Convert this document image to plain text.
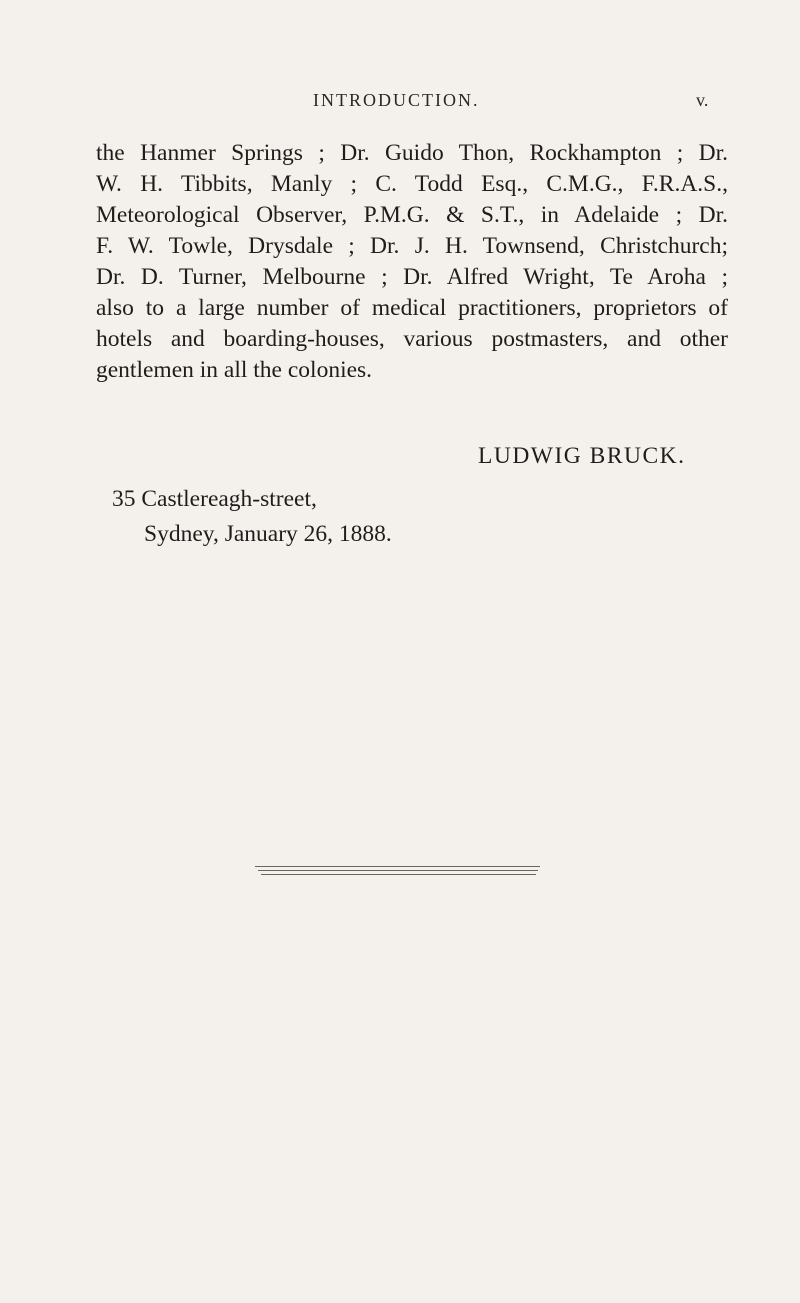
INTRODUCTION.	v.

the Hanmer Springs ; Dr. Guido Thon, Rockhampton ; Dr.
W. H. Tibbits, Manly ; C. Todd Esq., C.M.G., F.R.A.S.,
Meteorological Observer, P.M.G. & S.T., in Adelaide ; Dr.
F. W. Towle, Drysdale ; Dr. J. H. Townsend, Christchurch;
Dr. D. Turner, Melbourne ; Dr. Alfred Wright, Te Aroha ;
also to a large number of medical practitioners, proprietors of
hotels and boarding-houses, various postmasters, and other
gentlemen in all the colonies.

LUDWIG BRUCK.
35 Castlereagh-street,
Sydney, January 26, 1888.
